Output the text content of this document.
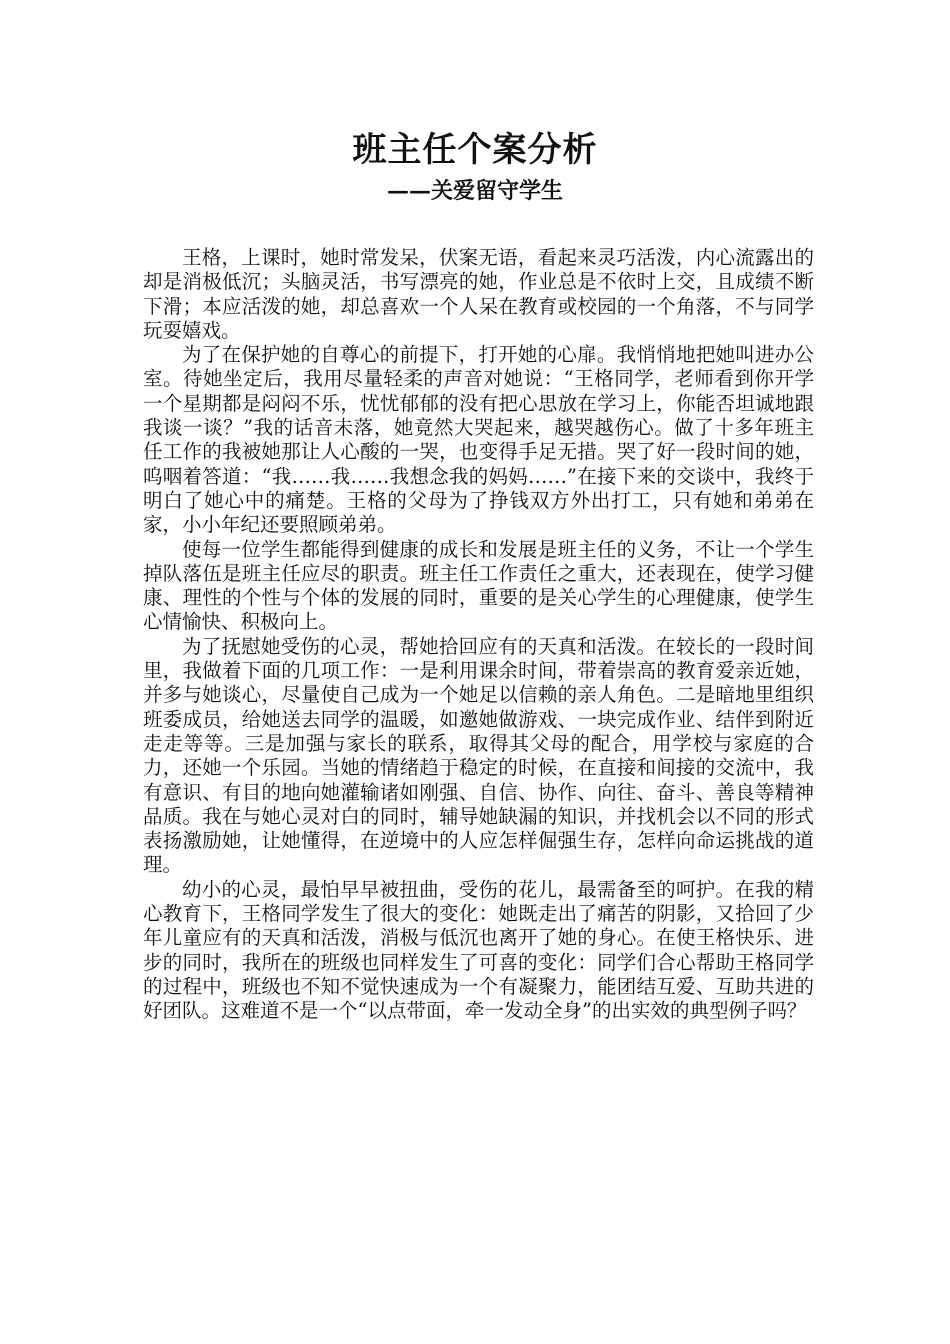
班主任个案分析
——关爱留守学生

王格，上课时，她时常发呆，伏案无语，看起来灵巧活泼，内心流露出的却是消极低沉；头脑灵活，书写漂亮的她，作业总是不依时上交，且成绩不断下滑；本应活泼的她，却总喜欢一个人呆在教育或校园的一个角落，不与同学玩耍嬉戏。

为了在保护她的自尊心的前提下，打开她的心扉。我悄悄地把她叫进办公室。待她坐定后，我用尽量轻柔的声音对她说：“王格同学，老师看到你开学一个星期都是闷闷不乐，忧忧郁郁的没有把心思放在学习上，你能否坦诚地跟我谈一谈？”我的话音未落，她竟然大哭起来，越哭越伤心。做了十多年班主任工作的我被她那让人心酸的一哭，也变得手足无措。哭了好一段时间的她，呜咽着答道：“我……我……我想念我的妈妈……”在接下来的交谈中，我终于明白了她心中的痛楚。王格的父母为了挣钱双方外出打工，只有她和弟弟在家，小小年纪还要照顾弟弟。

使每一位学生都能得到健康的成长和发展是班主任的义务，不让一个学生掉队落伍是班主任应尽的职责。班主任工作责任之重大，还表现在，使学习健康、理性的个性与个体的发展的同时，重要的是关心学生的心理健康，使学生心情愉快、积极向上。

为了抚慰她受伤的心灵，帮她拾回应有的天真和活泼。在较长的一段时间里，我做着下面的几项工作：一是利用课余时间，带着崇高的教育爱亲近她，并多与她谈心，尽量使自己成为一个她足以信赖的亲人角色。二是暗地里组织班委成员，给她送去同学的温暖，如邀她做游戏、一块完成作业、结伴到附近走走等等。三是加强与家长的联系，取得其父母的配合，用学校与家庭的合力，还她一个乐园。当她的情绪趋于稳定的时候，在直接和间接的交流中，我有意识、有目的地向她灌输诸如刚强、自信、协作、向往、奋斗、善良等精神品质。我在与她心灵对白的同时，辅导她缺漏的知识，并找机会以不同的形式表扬激励她，让她懂得，在逆境中的人应怎样倔强生存，怎样向命运挑战的道理。

幼小的心灵，最怕早早被扭曲，受伤的花儿，最需备至的呵护。在我的精心教育下，王格同学发生了很大的变化：她既走出了痛苦的阴影，又拾回了少年儿童应有的天真和活泼，消极与低沉也离开了她的身心。在使王格快乐、进步的同时，我所在的班级也同样发生了可喜的变化：同学们合心帮助王格同学的过程中，班级也不知不觉快速成为一个有凝聚力，能团结互爱、互助共进的好团队。这难道不是一个“以点带面，牵一发动全身”的出实效的典型例子吗？
